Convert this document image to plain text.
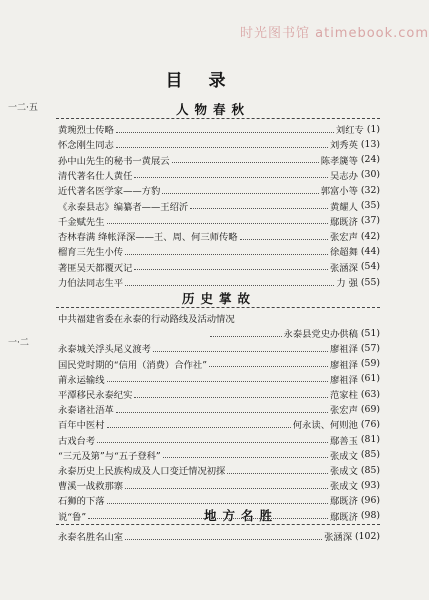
时光图书馆 atimebook.com
目 录
一二·五
一·二
人物春秋
黄琬烈士传略	刘红专 (1)
怀念刚生同志	刘秀英 (13)
孙中山先生的秘书一黄展云	陈孝篪等 (24)
清代著名仕人黄任	吴志办 (30)
近代著名医学家——方豹	郭富小等 (32)
《永泰县志》编纂者——王绍沂	黄耀人 (35)
千金赋先生	鄢既济 (37)
杏林春满 绛帐泽深——王、周、何三师传略	张宏声 (42)
榴育三先生小传	徐超舞 (44)
著匪吴天都覆灭记	张涵深 (54)
力伯法同志生平	力 强 (55)
历史掌故
中共福建省委在永泰的行动路线及活动情况
永泰县党史办供稿 (51)
永泰城关浮头尾义渡考	廖祖泽 (57)
国民党时期的“信用（消费）合作社”	廖祖泽 (59)
莆永运输线	廖祖泽 (61)
平潭移民永泰纪实	范家柱 (63)
永泰诸社浯革	张宏声 (69)
百年中医村	何永读、何则池 (76)
古戏台考	鄢善玉 (81)
“三元及第”与“五子登科”	张成文 (85)
永泰历史上民族构成及人口变迁情况初探	张成文 (85)
曹溪一战救那寨	张成文 (93)
石狮的下落	鄢既济 (96)
说“鲁”	鄢既济 (98)
地方名胜
永泰名胜名山室	张涵深 (102)
